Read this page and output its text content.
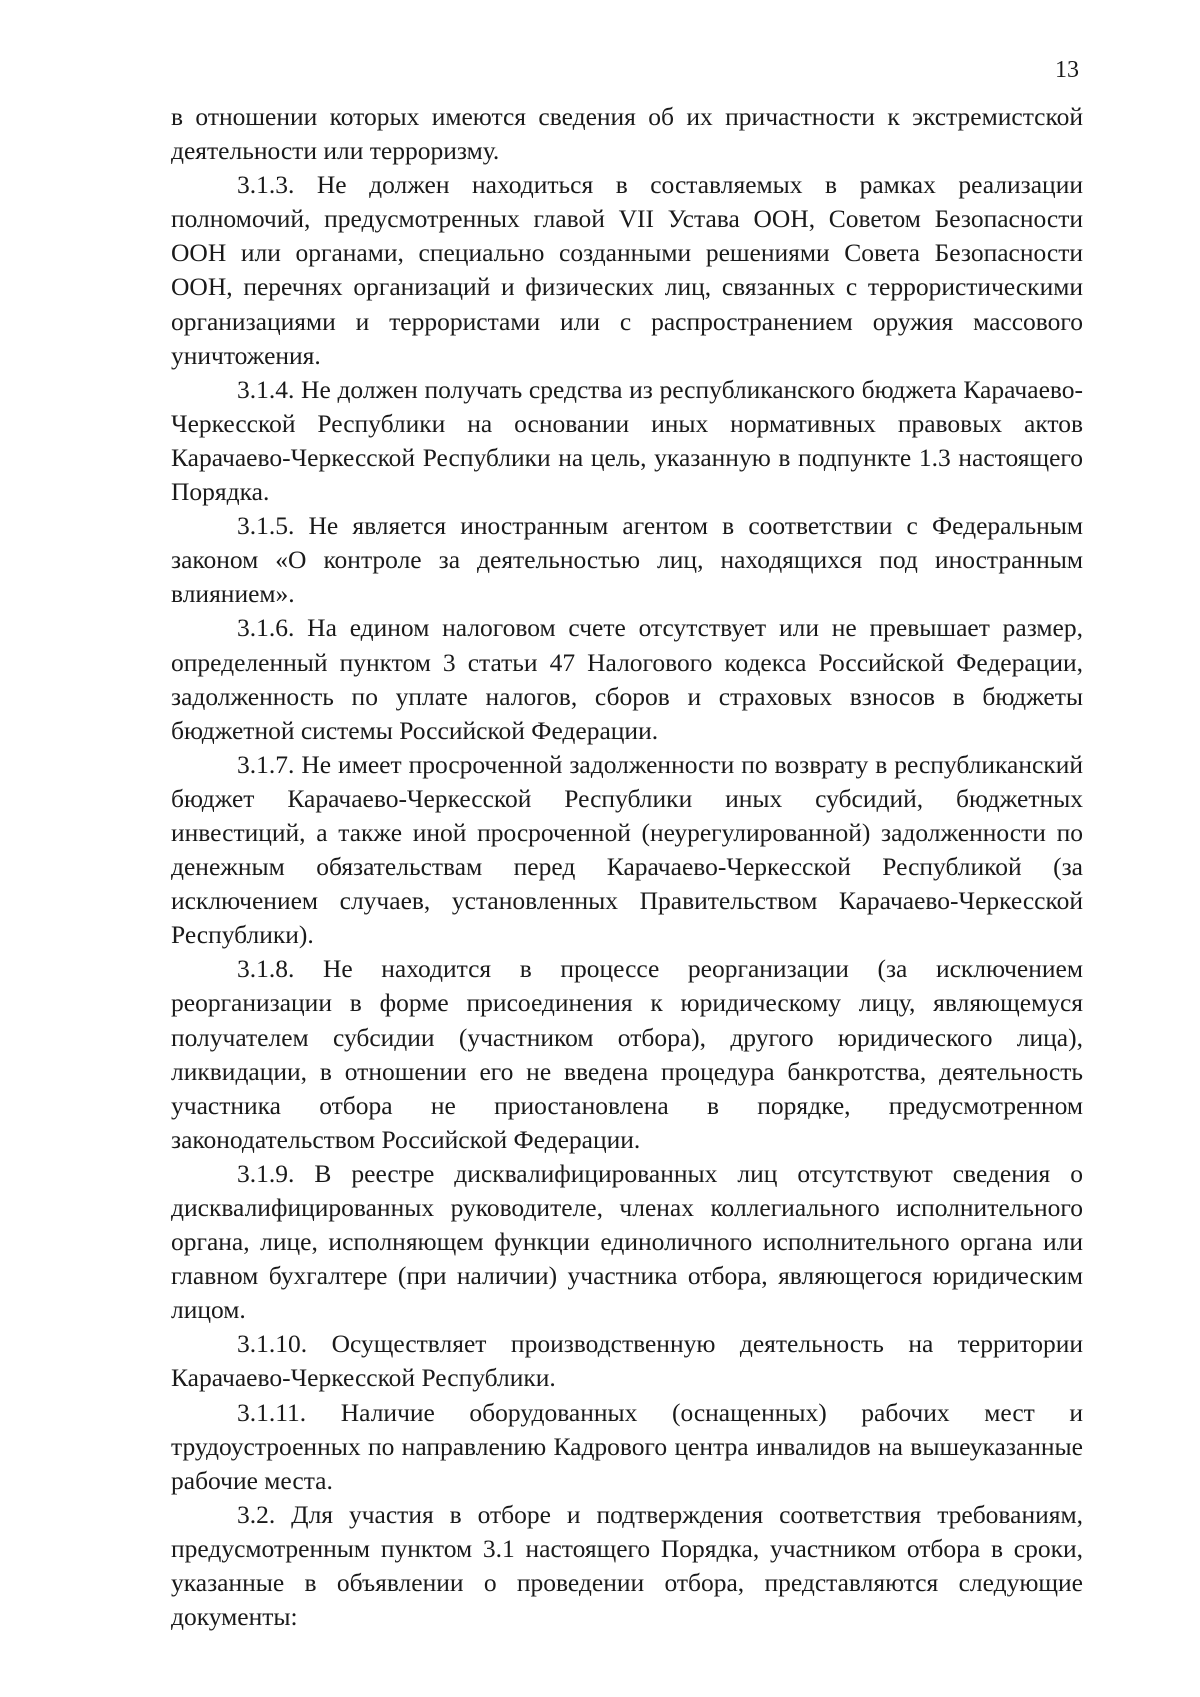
13

в отношении которых имеются сведения об их причастности к экстремистской деятельности или терроризму.

3.1.3. Не должен находиться в составляемых в рамках реализации полномочий, предусмотренных главой VII Устава ООН, Советом Безопасности ООН или органами, специально созданными решениями Совета Безопасности ООН, перечнях организаций и физических лиц, связанных с террористическими организациями и террористами или с распространением оружия массового уничтожения.

3.1.4. Не должен получать средства из республиканского бюджета Карачаево-Черкесской Республики на основании иных нормативных правовых актов Карачаево-Черкесской Республики на цель, указанную в подпункте 1.3 настоящего Порядка.

3.1.5. Не является иностранным агентом в соответствии с Федеральным законом «О контроле за деятельностью лиц, находящихся под иностранным влиянием».

3.1.6. На едином налоговом счете отсутствует или не превышает размер, определенный пунктом 3 статьи 47 Налогового кодекса Российской Федерации, задолженность по уплате налогов, сборов и страховых взносов в бюджеты бюджетной системы Российской Федерации.

3.1.7. Не имеет просроченной задолженности по возврату в республиканский бюджет Карачаево-Черкесской Республики иных субсидий, бюджетных инвестиций, а также иной просроченной (неурегулированной) задолженности по денежным обязательствам перед Карачаево-Черкесской Республикой (за исключением случаев, установленных Правительством Карачаево-Черкесской Республики).

3.1.8. Не находится в процессе реорганизации (за исключением реорганизации в форме присоединения к юридическому лицу, являющемуся получателем субсидии (участником отбора), другого юридического лица), ликвидации, в отношении его не введена процедура банкротства, деятельность участника отбора не приостановлена в порядке, предусмотренном законодательством Российской Федерации.

3.1.9. В реестре дисквалифицированных лиц отсутствуют сведения о дисквалифицированных руководителе, членах коллегиального исполнительного органа, лице, исполняющем функции единоличного исполнительного органа или главном бухгалтере (при наличии) участника отбора, являющегося юридическим лицом.

3.1.10. Осуществляет производственную деятельность на территории Карачаево-Черкесской Республики.

3.1.11. Наличие оборудованных (оснащенных) рабочих мест и трудоустроенных по направлению Кадрового центра инвалидов на вышеуказанные рабочие места.

3.2. Для участия в отборе и подтверждения соответствия требованиям, предусмотренным пунктом 3.1 настоящего Порядка, участником отбора в сроки, указанные в объявлении о проведении отбора, представляются следующие документы:
